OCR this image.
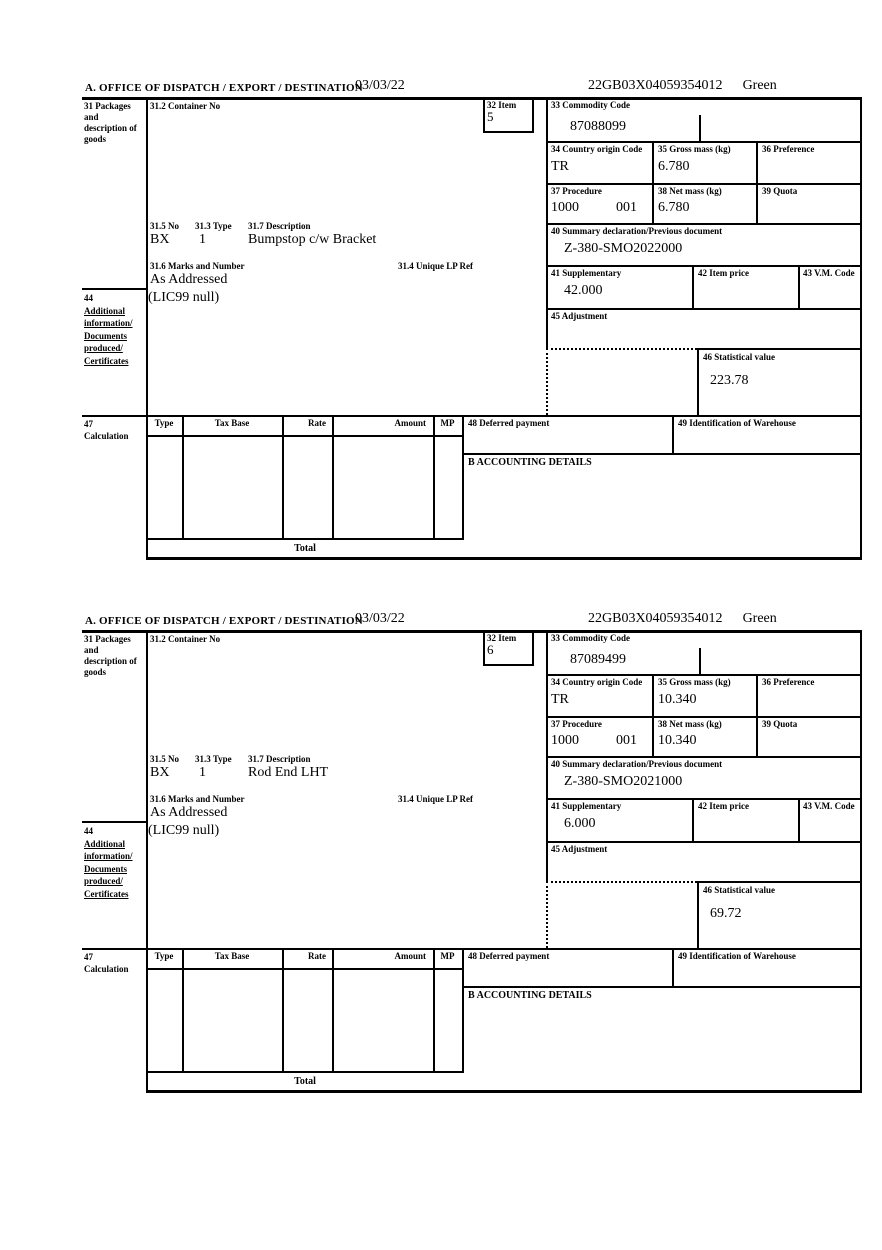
A. OFFICE OF DISPATCH / EXPORT / DESTINATION
03/03/22	22GB03X04059354012 Green
31 Packages and description of goods
44
Additional
information/
Documents
produced/
Certificates
47
Calculation
31.2 Container No
31.5 No 31.3 Type 31.7 Description
BX 1	Bumpstop c/w Bracket
31.6 Marks and Number	31.4 Unique LP Ref
As Addressed
(LIC99 null)
32 Item
5
33 Commodity Code
87088099
34 Country origin Code
TR
35 Gross mass (kg)
6.780
36 Preference
37 Procedure
1000	001
38 Net mass (kg)
6.780
39 Quota
40 Summary declaration/Previous document
Z-380-SMO2022000
41 Supplementary
42.000
42 Item price	43 V.M. Code
45 Adjustment
46 Statistical value
223.78
Type	Tax Base	Rate	Amount	MP	48 Deferred payment	49 Identification of Warehouse
B ACCOUNTING DETAILS
Total
A. OFFICE OF DISPATCH / EXPORT / DESTINATION
03/03/22	22GB03X04059354012 Green
31 Packages and description of goods
44
Additional
information/
Documents
produced/
Certificates
47
Calculation
31.2 Container No
31.5 No 31.3 Type 31.7 Description
BX 1	Rod End LHT
31.6 Marks and Number	31.4 Unique LP Ref
As Addressed
(LIC99 null)
32 Item
6
33 Commodity Code
87089499
34 Country origin Code
TR
35 Gross mass (kg)
10.340
36 Preference
37 Procedure
1000	001
38 Net mass (kg)
10.340
39 Quota
40 Summary declaration/Previous document
Z-380-SMO2021000
41 Supplementary
6.000
42 Item price	43 V.M. Code
45 Adjustment
46 Statistical value
69.72
Type	Tax Base	Rate	Amount	MP	48 Deferred payment	49 Identification of Warehouse
B ACCOUNTING DETAILS
Total
